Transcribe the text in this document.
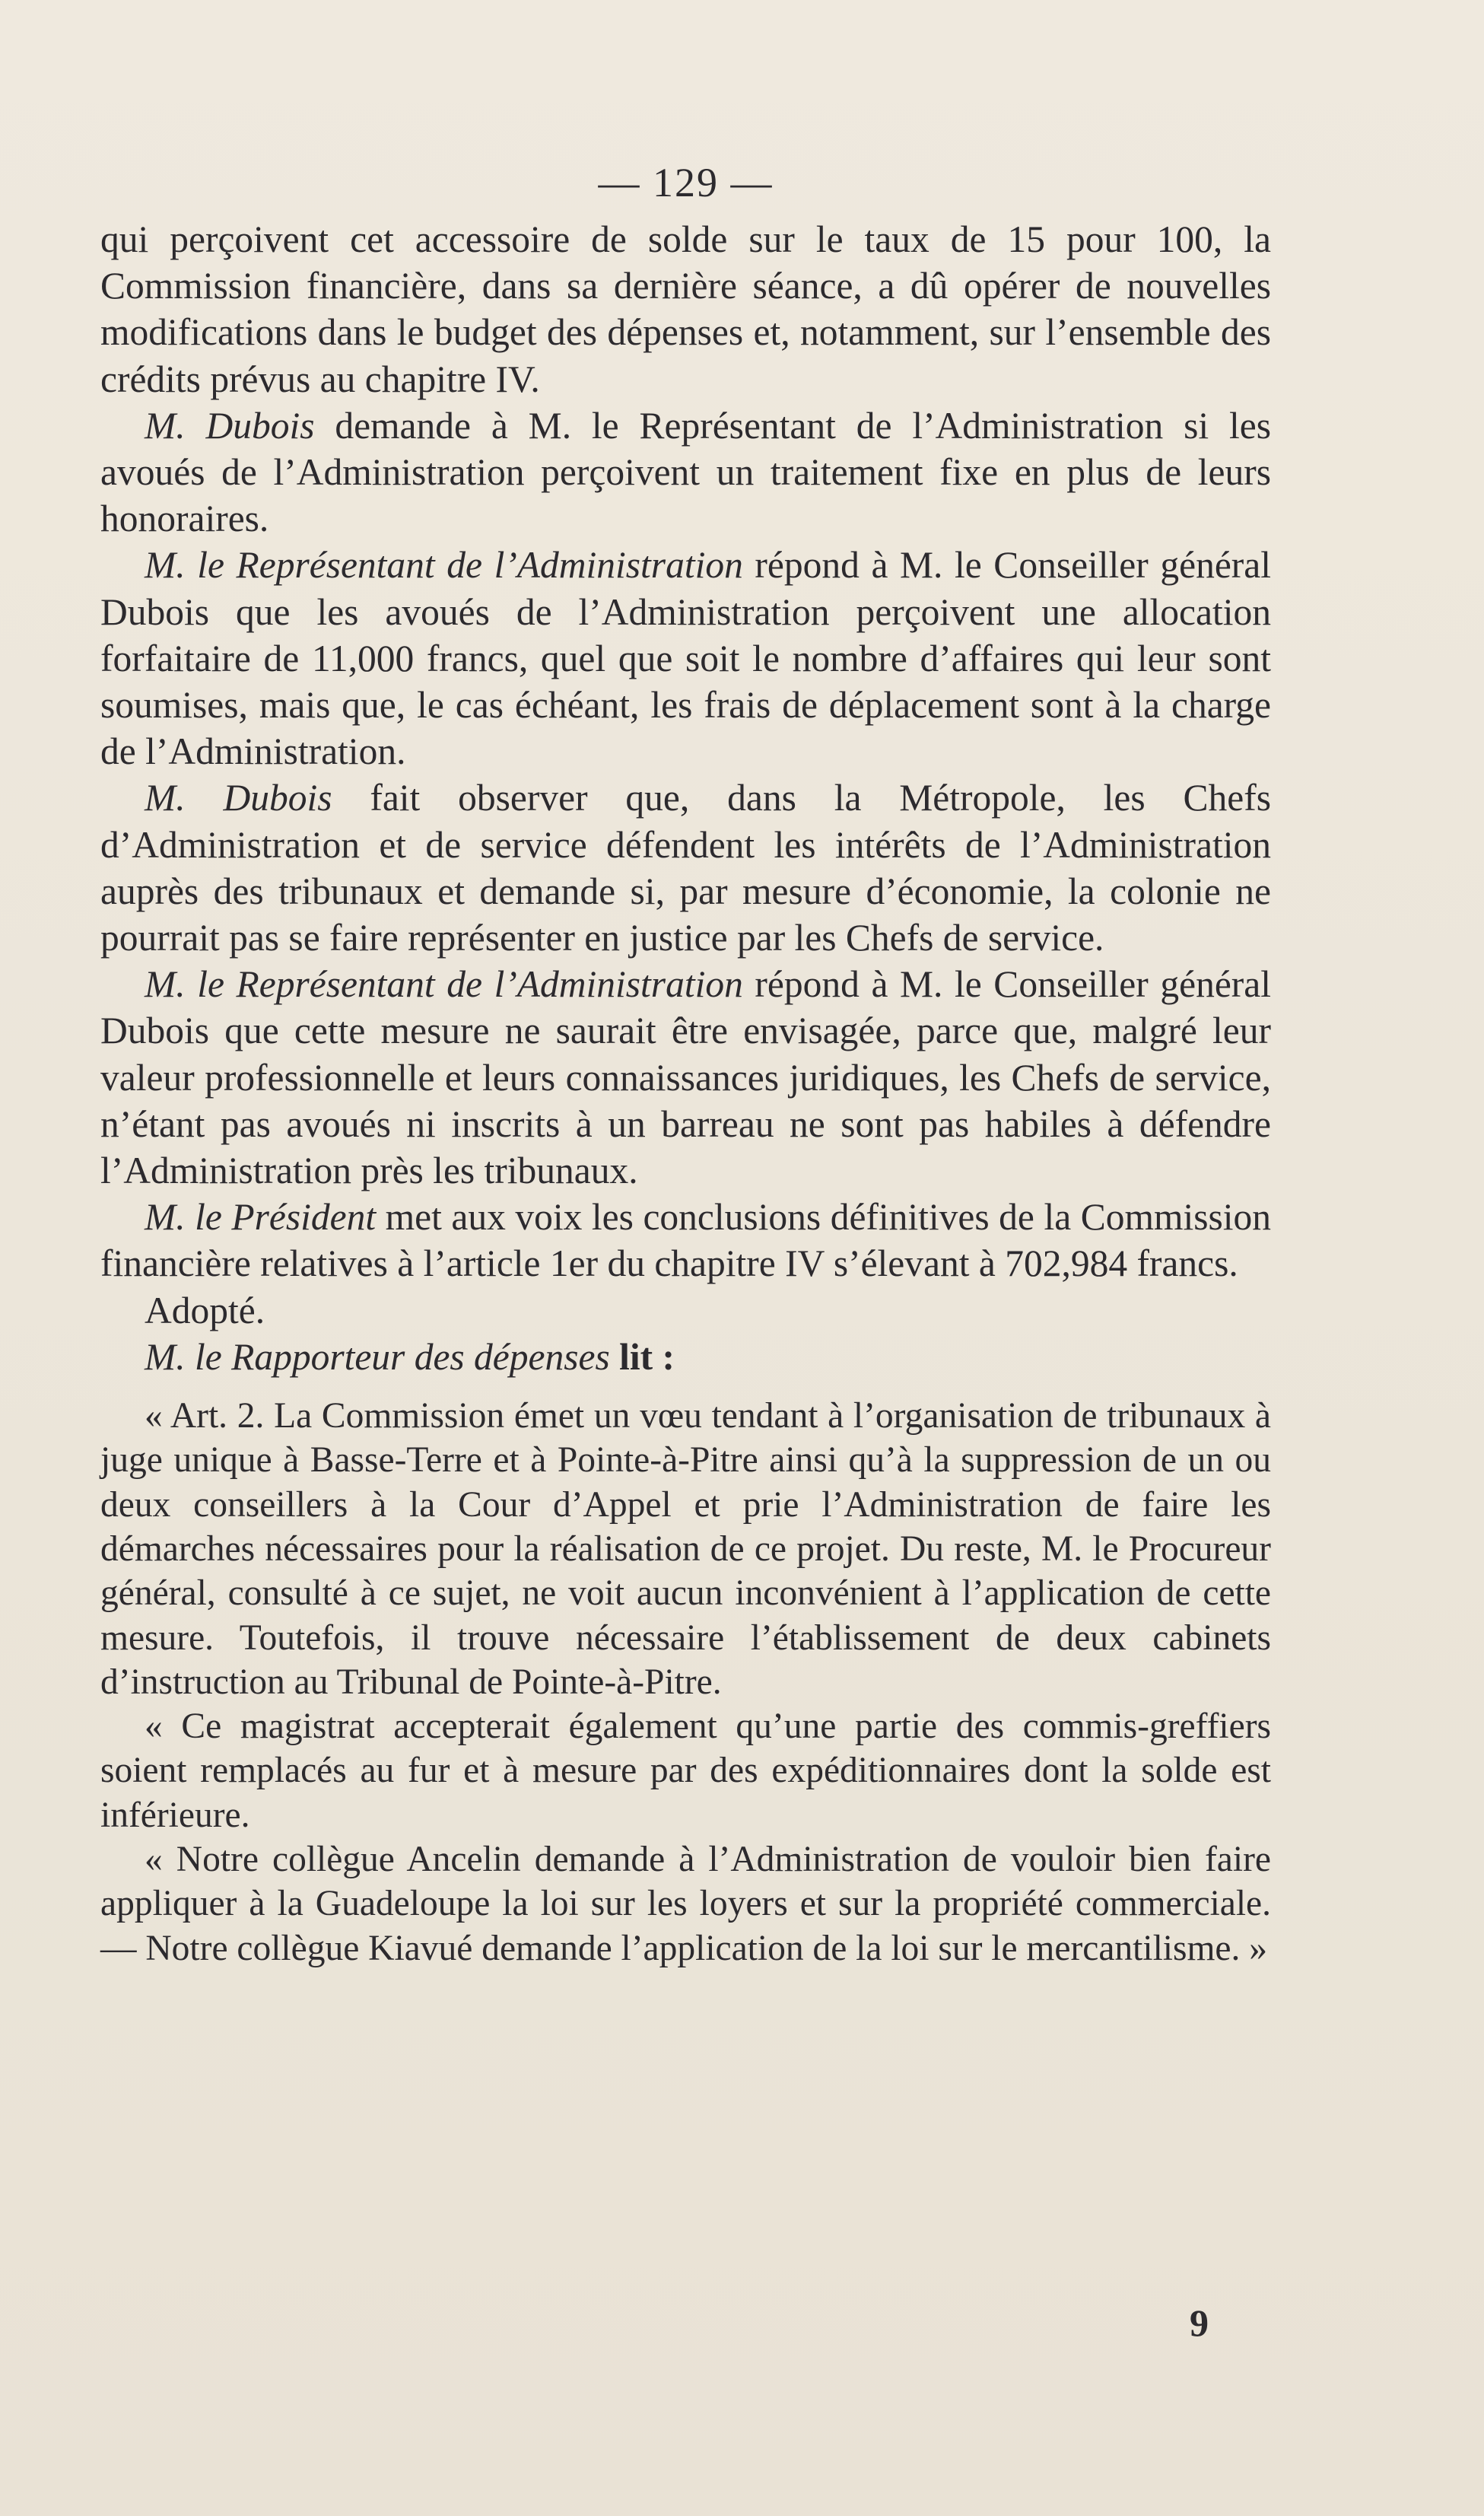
— 129 —

qui perçoivent cet accessoire de solde sur le taux de 15 pour 100, la Commission financière, dans sa dernière séance, a dû opérer de nouvelles modifications dans le budget des dépenses et, notamment, sur l’ensemble des crédits prévus au chapitre IV.

M. Dubois demande à M. le Représentant de l’Administration si les avoués de l’Administration perçoivent un traitement fixe en plus de leurs honoraires.

M. le Représentant de l’Administration répond à M. le Conseiller général Dubois que les avoués de l’Administration perçoivent une allocation forfaitaire de 11,000 francs, quel que soit le nombre d’affaires qui leur sont soumises, mais que, le cas échéant, les frais de déplacement sont à la charge de l’Administration.

M. Dubois fait observer que, dans la Métropole, les Chefs d’Administration et de service défendent les intérêts de l’Administration auprès des tribunaux et demande si, par mesure d’économie, la colonie ne pourrait pas se faire représenter en justice par les Chefs de service.

M. le Représentant de l’Administration répond à M. le Conseiller général Dubois que cette mesure ne saurait être envisagée, parce que, malgré leur valeur professionnelle et leurs connaissances juridiques, les Chefs de service, n’étant pas avoués ni inscrits à un barreau ne sont pas habiles à défendre l’Administration près les tribunaux.

M. le Président met aux voix les conclusions définitives de la Commission financière relatives à l’article 1er du chapitre IV s’élevant à 702,984 francs.

Adopté.

M. le Rapporteur des dépenses lit :

« Art. 2. La Commission émet un vœu tendant à l’organisation de tribunaux à juge unique à Basse-Terre et à Pointe-à-Pitre ainsi qu’à la suppression de un ou deux conseillers à la Cour d’Appel et prie l’Administration de faire les démarches nécessaires pour la réalisation de ce projet. Du reste, M. le Procureur général, consulté à ce sujet, ne voit aucun inconvénient à l’application de cette mesure. Toutefois, il trouve nécessaire l’établissement de deux cabinets d’instruction au Tribunal de Pointe-à-Pitre.

« Ce magistrat accepterait également qu’une partie des commis-greffiers soient remplacés au fur et à mesure par des expéditionnaires dont la solde est inférieure.

« Notre collègue Ancelin demande à l’Administration de vouloir bien faire appliquer à la Guadeloupe la loi sur les loyers et sur la propriété commerciale. — Notre collègue Kiavué demande l’application de la loi sur le mercantilisme. »

9
